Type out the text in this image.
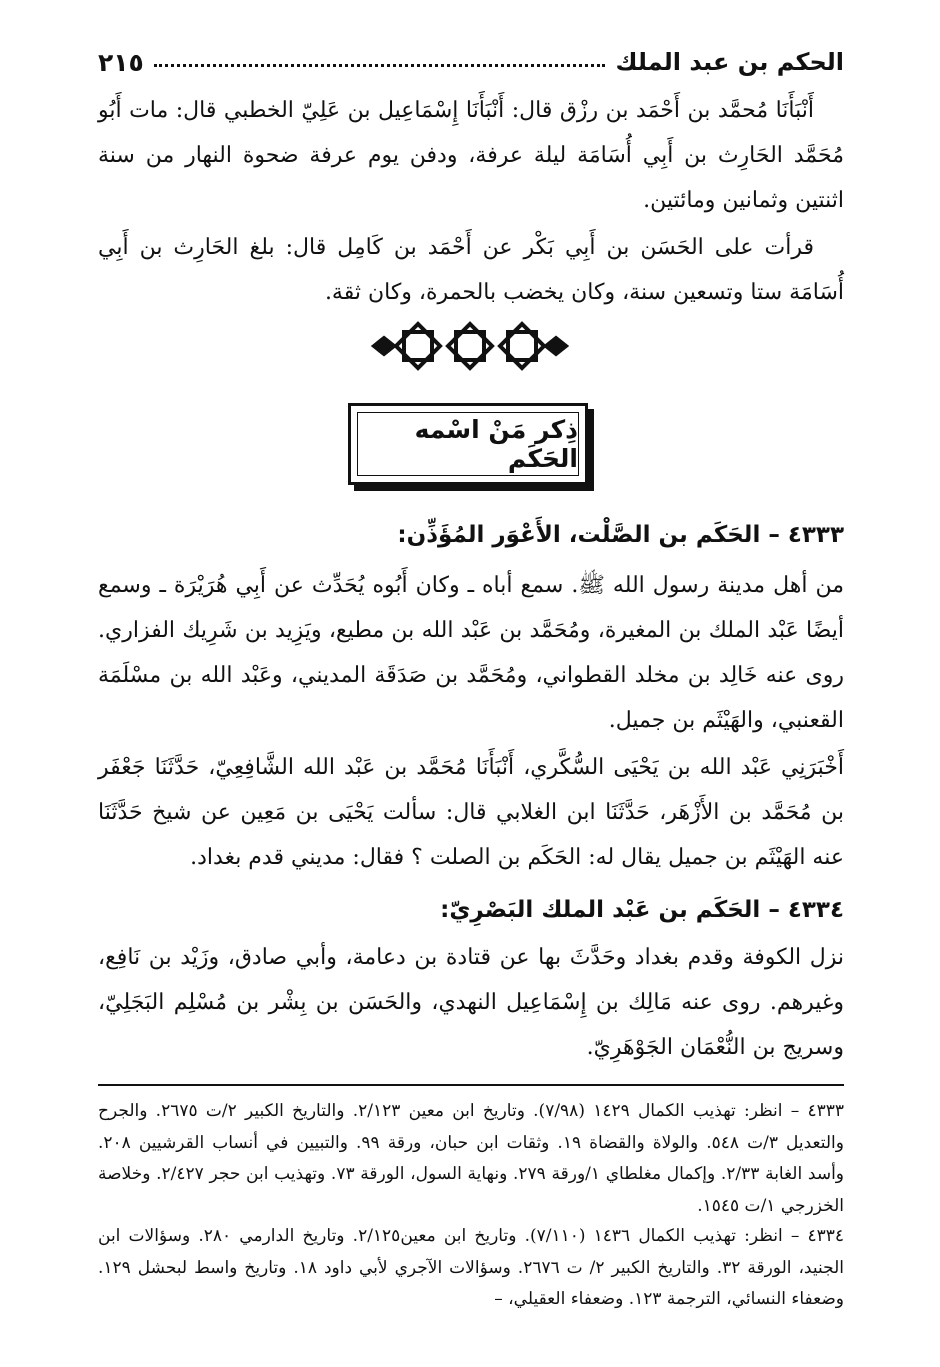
الحكم بن عبد الملك
٢١٥

أَنْبَأَنَا مُحمَّد بن أَحْمَد بن رزْق قال: أَنْبَأَنَا إِسْمَاعِيل بن عَلِيّ الخطبي قال: مات أَبُو مُحَمَّد الحَارِث بن أَبِي أُسَامَة ليلة عرفة، ودفن يوم عرفة ضحوة النهار من سنة اثنتين وثمانين ومائتين.

قرأت على الحَسَن بن أَبِي بَكْر عن أَحْمَد بن كَامِل قال: بلغ الحَارِث بن أَبِي أُسَامَة ستا وتسعين سنة، وكان يخضب بالحمرة، وكان ثقة.

ذِكر مَنْ اسْمه الحَكَم
٤٣٣٣ – الحَكَم بن الصَّلْت، الأَعْوَر المُؤَذِّن:

من أهل مدينة رسول الله ﷺ. سمع أباه ـ وكان أَبُوه يُحَدِّث عن أَبِي هُرَيْرَة ـ وسمع أيضًا عَبْد الملك بن المغيرة، ومُحَمَّد بن عَبْد الله بن مطيع، ويَزِيد بن شَرِيك الفزاري. روى عنه خَالِد بن مخلد القطواني، ومُحَمَّد بن صَدَقَة المديني، وعَبْد الله بن مسْلَمَة القعنبي، والهَيْثَم بن جميل.

أَخْبَرَنِي عَبْد الله بن يَحْيَى السُّكَّري، أَنْبَأَنَا مُحَمَّد بن عَبْد الله الشَّافِعِيّ، حَدَّثَنَا جَعْفَر بن مُحَمَّد بن الأَزْهَر، حَدَّثَنَا ابن الغلابي قال: سألت يَحْيَى بن مَعِين عن شيخ حَدَّثَنَا عنه الهَيْثَم بن جميل يقال له: الحَكَم بن الصلت ؟ فقال: مديني قدم بغداد.

٤٣٣٤ – الحَكَم بن عَبْد الملك البَصْرِيّ:

نزل الكوفة وقدم بغداد وحَدَّثَ بها عن قتادة بن دعامة، وأبي صادق، وزَيْد بن نَافِع، وغيرهم. روى عنه مَالِك بن إِسْمَاعِيل النهدي، والحَسَن بن بِشْر بن مُسْلِم البَجَلِيّ، وسريج بن النُّعْمَان الجَوْهَرِيّ.

٤٣٣٣ – انظر: تهذيب الكمال ١٤٢٩ (٧/٩٨). وتاريخ ابن معين ٢/١٢٣. والتاريخ الكبير ٢/ت ٢٦٧٥. والجرح والتعديل ٣/ت ٥٤٨. والولاة والقضاة ١٩. وثقات ابن حبان، ورقة ٩٩. والتبيين في أنساب القرشيين ٢٠٨. وأسد الغابة ٢/٣٣. وإكمال مغلطاي ١/ورقة ٢٧٩. ونهاية السول، الورقة ٧٣. وتهذيب ابن حجر ٢/٤٢٧. وخلاصة الخزرجي ١/ت ١٥٤٥.

٤٣٣٤ – انظر: تهذيب الكمال ١٤٣٦ (٧/١١٠). وتاريخ ابن معين٢/١٢٥. وتاريخ الدارمي ٢٨٠. وسؤالات ابن الجنيد، الورقة ٣٢. والتاريخ الكبير ٢/ ت ٢٦٧٦. وسؤالات الآجري لأبي داود ١٨. وتاريخ واسط لبحشل ١٢٩. وضعفاء النسائي، الترجمة ١٢٣. وضعفاء العقيلي، –
